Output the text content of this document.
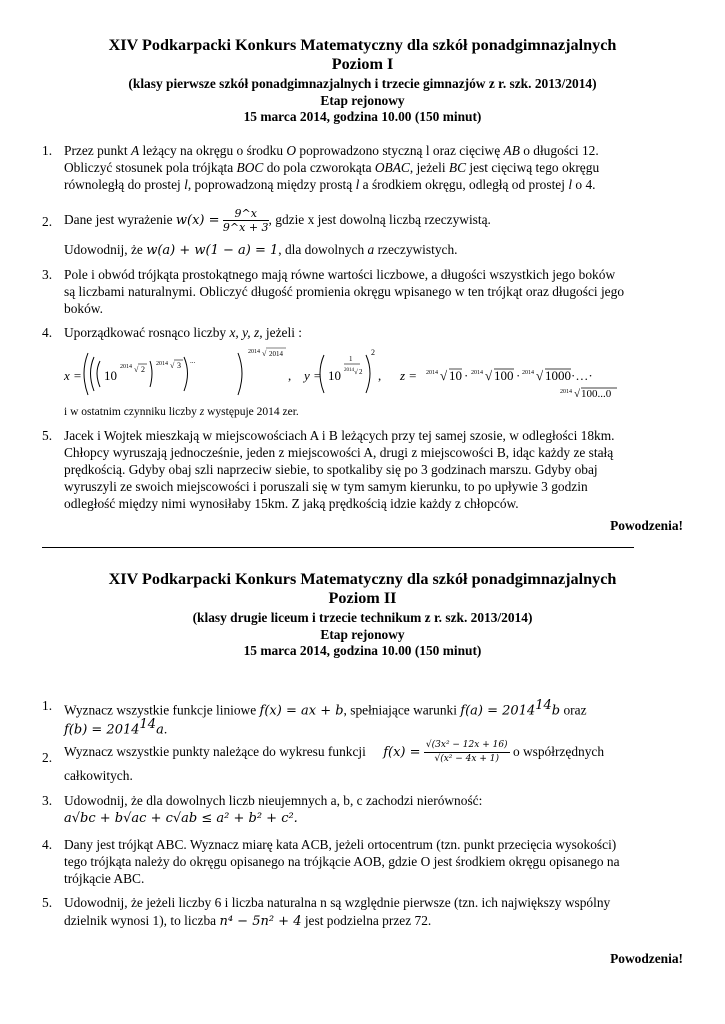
XIV Podkarpacki Konkurs Matematyczny dla szkół ponadgimnazjalnych
Poziom I
(klasy pierwsze szkół ponadgimnazjalnych i trzecie gimnazjów z r. szk. 2013/2014)
Etap rejonowy
15 marca 2014, godzina 10.00 (150 minut)
1. Przez punkt A leżący na okręgu o środku O poprowadzono styczną l oraz cięciwę AB o długości 12.
Obliczyć stosunek pola trójkąta BOC do pola czworokąta OBAC, jeżeli BC jest cięciwą tego okręgu
równoległą do prostej l, poprowadzoną między prostą l a środkiem okręgu, odległą od prostej l o 4.
2. Dane jest wyrażenie $w(x) = \frac{9\^{}x}{9\^{}x + 3}$ , gdzie x jest dowolną liczbą rzeczywistą.
Udowodnij, że w(a) + w(1 − a) = 1, dla dowolnych a rzeczywistych.
3. Pole i obwód trójkąta prostokątnego mają równe wartości liczbowe, a długości wszystkich jego boków
są liczbami naturalnymi. Obliczyć długość promienia okręgu wpisanego w ten trójkąt oraz długości jego
boków.
4. Uporządkować rosnąco liczby x, y, z, jeżeli :
x = 10
2014 √ 2
2014 √ 3 ...
2014 √ 2014
, y = 10
1
2014 √ 2
2
, z = 2014 √ 10 · 2014 √ 100 · 2014 √ 1000 ·…·
2014 √ 100...0
i w ostatnim czynniku liczby z występuje 2014 zer.
5. Jacek i Wojtek mieszkają w miejscowościach A i B leżących przy tej samej szosie, w odległości 18km.
Chłopcy wyruszają jednocześnie, jeden z miejscowości A, drugi z miejscowości B, idąc każdy ze stałą
prędkością. Gdyby obaj szli naprzeciw siebie, to spotkaliby się po 3 godzinach marszu. Gdyby obaj
wyruszyli ze swoich miejscowości i poruszali się w tym samym kierunku, to po upływie 3 godzin
odległość między nimi wynosiłaby 15km. Z jaką prędkością idzie każdy z chłopców.
Powodzenia!
XIV Podkarpacki Konkurs Matematyczny dla szkół ponadgimnazjalnych
Poziom II
(klasy drugie liceum i trzecie technikum z r. szk. 2013/2014)
Etap rejonowy
15 marca 2014, godzina 10.00 (150 minut)
1. Wyznacz wszystkie funkcje liniowe f(x) = ax + b, spełniające warunki $f(a) = 2014^{14}b$ oraz
$f(b) = 2014^{14}a$.
2. Wyznacz wszystkie punkty należące do wykresu funkcji $f(x) = \frac{\text{√(3x² − 12x + 16)}}{\text{√(x² − 4x + 1)}}$ o współrzędnych
całkowitych.
3. Udowodnij, że dla dowolnych liczb nieujemnych a, b, c zachodzi nierówność:
a√bc + b√ac + c√ab ≤ a² + b² + c².
4. Dany jest trójkąt ABC. Wyznacz miarę kata ACB, jeżeli ortocentrum (tzn. punkt przecięcia wysokości)
tego trójkąta należy do okręgu opisanego na trójkącie AOB, gdzie O jest środkiem okręgu opisanego na
trójkącie ABC.
5. Udowodnij, że jeżeli liczby 6 i liczba naturalna n są względnie pierwsze (tzn. ich największy wspólny
dzielnik wynosi 1), to liczba n⁴ − 5n² + 4 jest podzielna przez 72.
Powodzenia!
